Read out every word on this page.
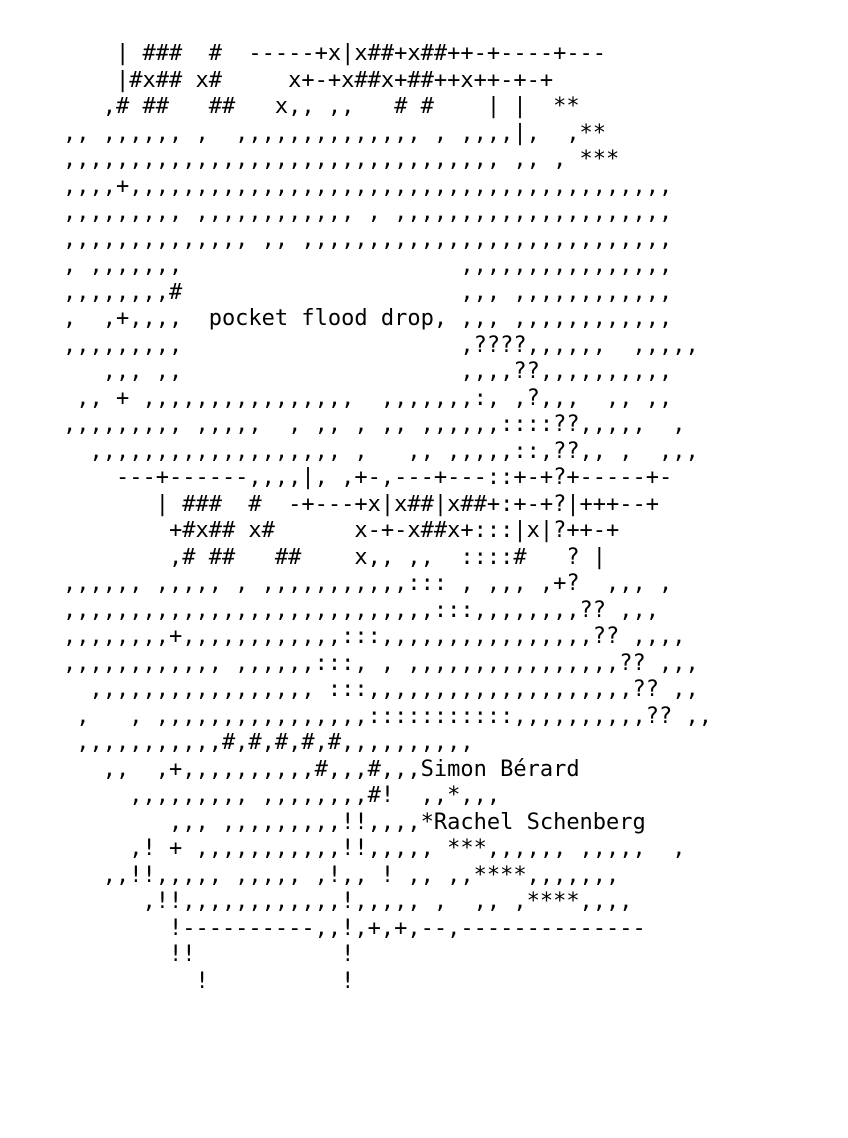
| ###  #  -----+x|x##+x##++-+----+---
|#x## x#     x+-+x##x+##++x++-+-+
,# ##   ##   x,, ,,   # #    | |  **
,, ,,,,,, ,  ,,,,,,,,,,,,,, , ,,,,|,  ,**
,,,,,,,,,,,,,,,,,,,,,,,,,,,,,,,,, ,, , ***
,,,,+,,,,,,,,,,,,,,,,,,,,,,,,,,,,,,,,,,,,,,,,,
,,,,,,,,, ,,,,,,,,,,,, , ,,,,,,,,,,,,,,,,,,,,,
,,,,,,,,,,,,,, ,, ,,,,,,,,,,,,,,,,,,,,,,,,,,,,
, ,,,,,,,                     ,,,,,,,,,,,,,,,,
,,,,,,,,#                     ,,, ,,,,,,,,,,,,
,  ,+,,,,  pocket flood drop, ,,, ,,,,,,,,,,,,
,,,,,,,,,                     ,????,,,,,,  ,,,,,
,,, ,,                     ,,,,??,,,,,,,,,,
,, + ,,,,,,,,,,,,,,,,  ,,,,,,,:, ,?,,,  ,, ,,
,,,,,,,,, ,,,,,  , ,, , ,, ,,,,,,::::??,,,,,  ,
,,,,,,,,,,,,,,,,,,, ,   ,, ,,,,,::,??,, ,  ,,,
---+------,,,,|, ,+-,---+---::+-+?+-----+-
| ###  #  -+---+x|x##|x##+:+-+?|+++--+
+#x## x#      x-+-x##x+:::|x|?++-+
,# ##   ##    x,, ,,  ::::#   ? |
,,,,,, ,,,,, , ,,,,,,,,,,,::: , ,,, ,+?  ,,, ,
,,,,,,,,,,,,,,,,,,,,,,,,,,,,:::,,,,,,,,?? ,,,
,,,,,,,,+,,,,,,,,,,,,:::,,,,,,,,,,,,,,,,?? ,,,,
,,,,,,,,,,,, ,,,,,,:::, , ,,,,,,,,,,,,,,,,?? ,,,
,,,,,,,,,,,,,,,,, :::,,,,,,,,,,,,,,,,,,,,?? ,,
,   , ,,,,,,,,,,,,,,,,:::::::::::,,,,,,,,,,?? ,,
,,,,,,,,,,,#,#,#,#,#,,,,,,,,,,
,,  ,+,,,,,,,,,,#,,,#,,,Simon Bérard
,,,,,,,,, ,,,,,,,,#!  ,,*,,,
,,, ,,,,,,,,,!!,,,,*Rachel Schenberg
,! + ,,,,,,,,,,,!!,,,,, ***,,,,,, ,,,,,  ,
,,!!,,,,, ,,,,, ,!,, ! ,, ,,****,,,,,,,
,!!,,,,,,,,,,,,!,,,,, ,  ,, ,****,,,,
!----------,,!,+,+,--,--------------
!!           !
!          !
